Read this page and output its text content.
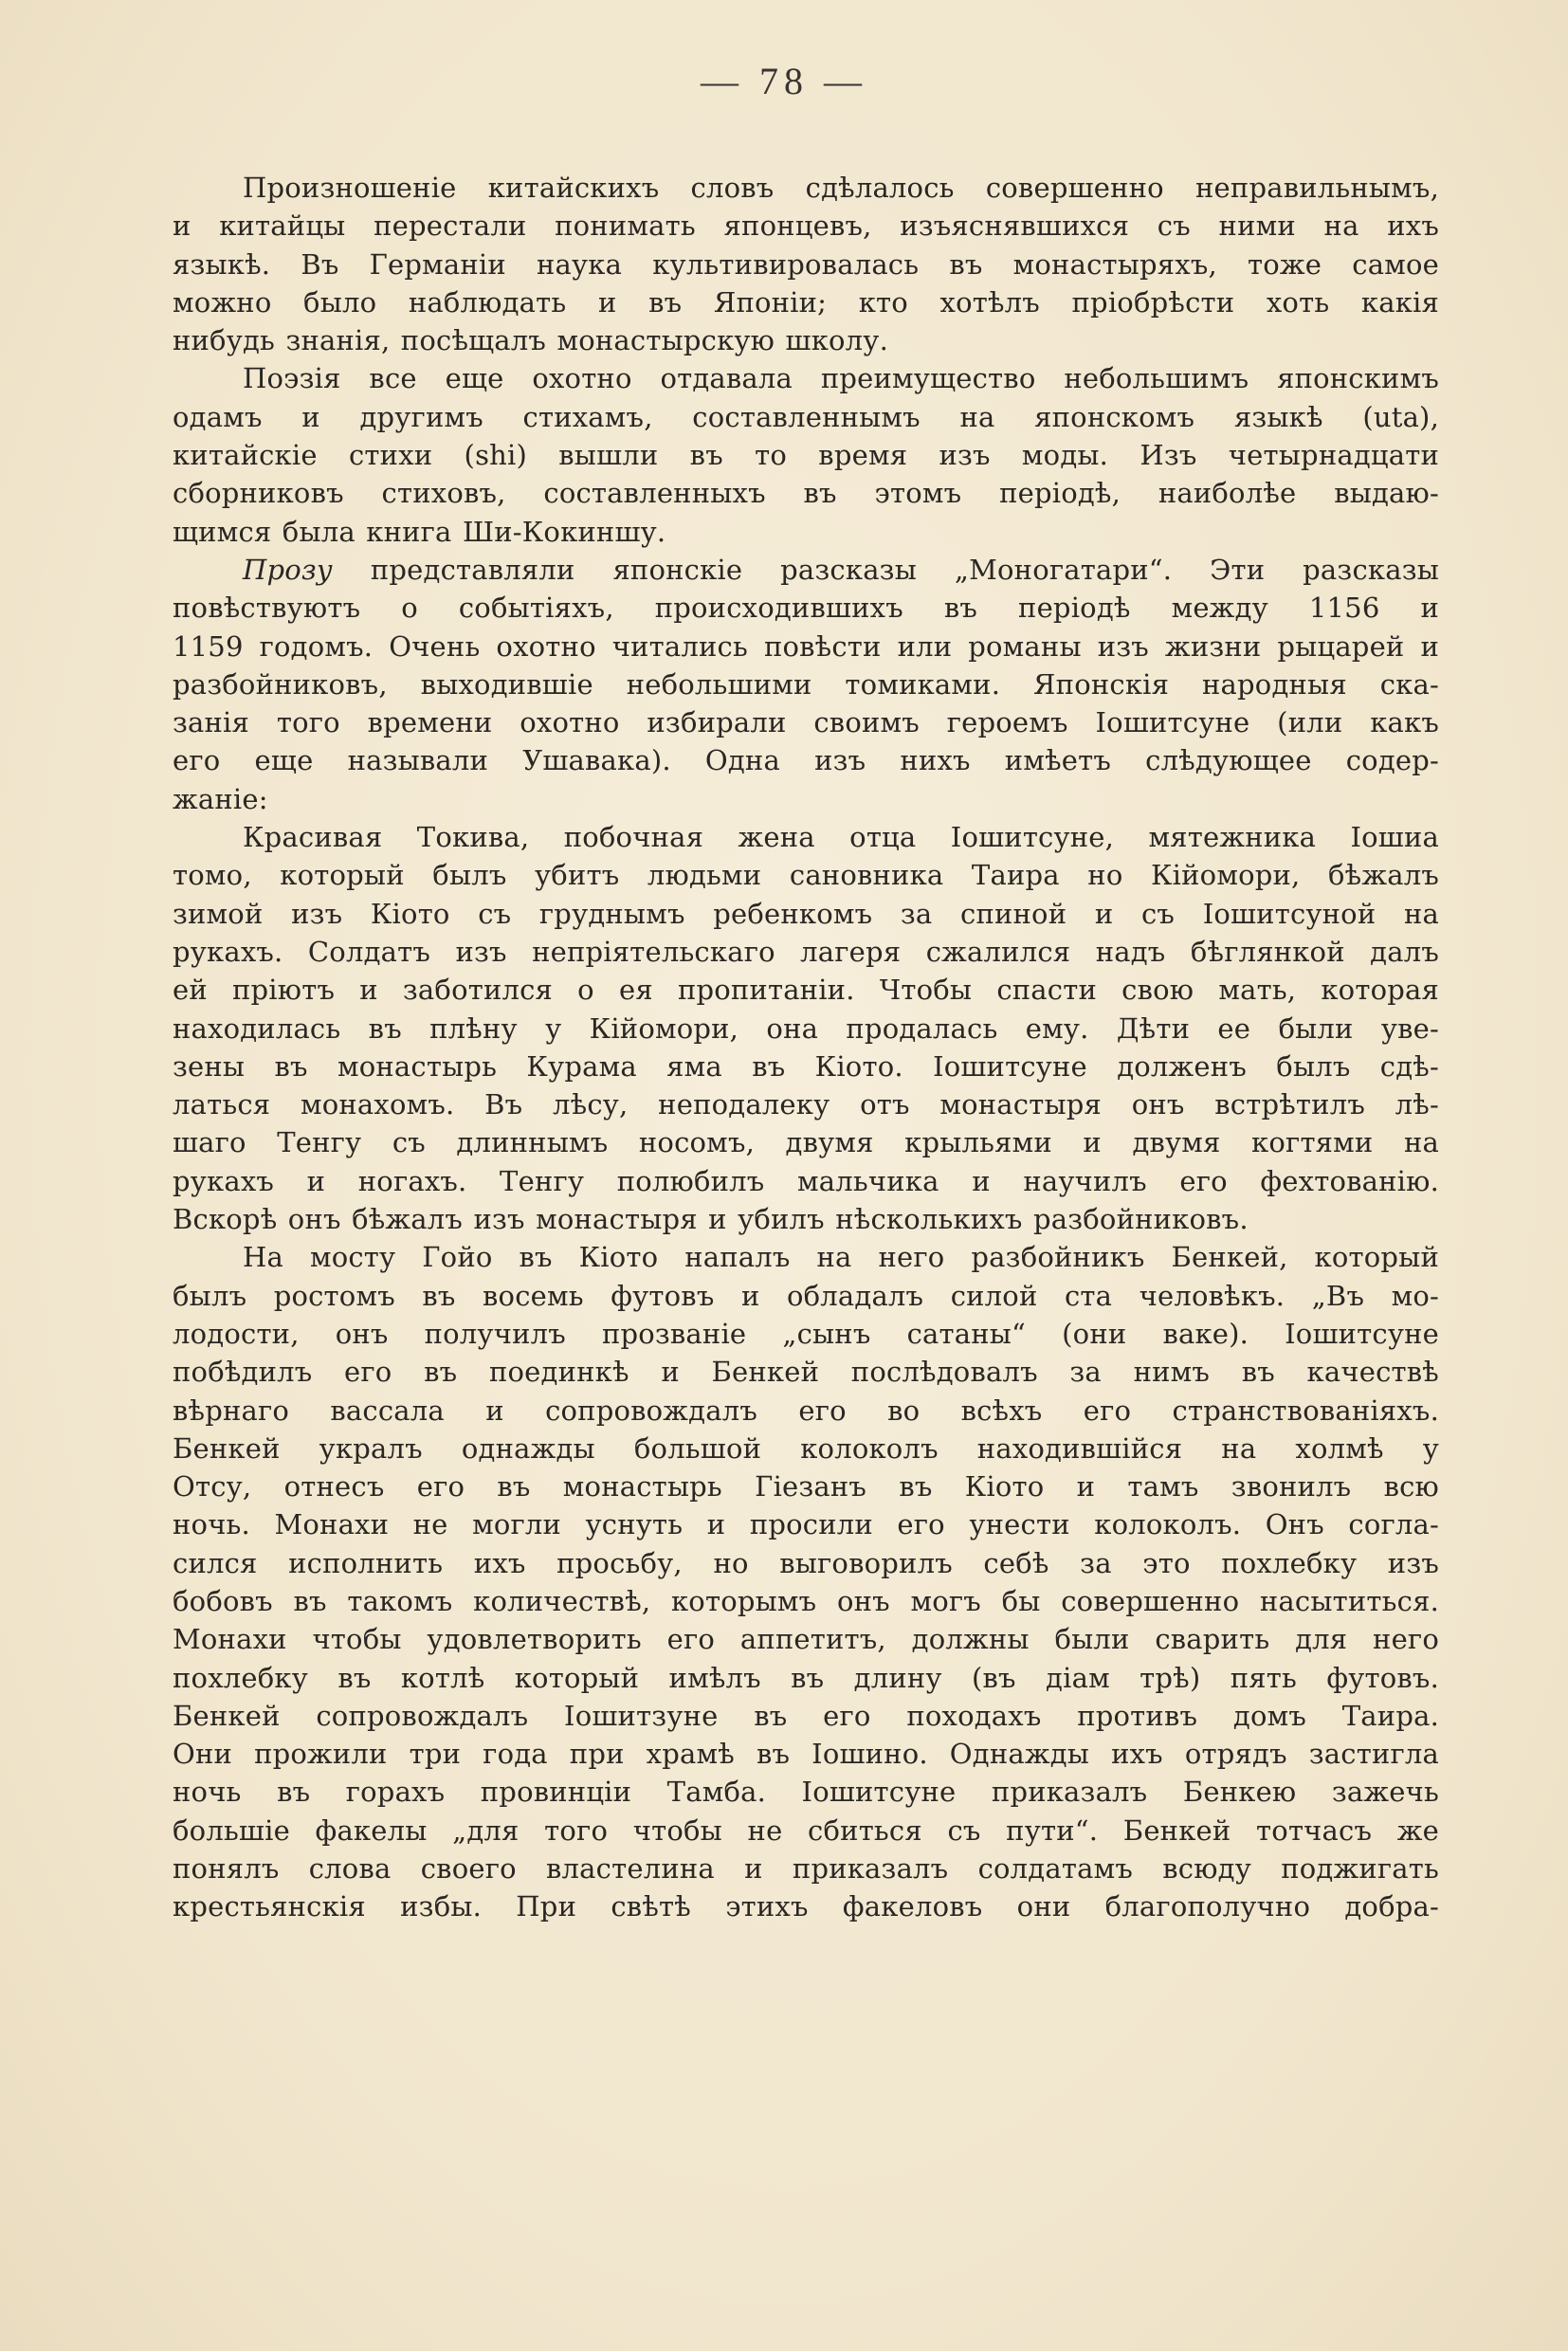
— 78 —
Произношеніе китайскихъ словъ сдѣлалось совершенно неправильнымъ,
и китайцы перестали понимать японцевъ, изъяснявшихся съ ними на ихъ
языкѣ. Въ Германіи наука культивировалась въ монастыряхъ, тоже самое
можно было наблюдать и въ Японіи; кто хотѣлъ пріобрѣсти хоть какія
нибудь знанія, посѣщалъ монастырскую школу.
Поэзія все еще охотно отдавала преимущество небольшимъ японскимъ
одамъ и другимъ стихамъ, составленнымъ на японскомъ языкѣ (uta),
китайскіе стихи (shi) вышли въ то время изъ моды. Изъ четырнадцати
сборниковъ стиховъ, составленныхъ въ этомъ періодѣ, наиболѣе выдаю-
щимся была книга Ши-Кокиншу.
Прозу представляли японскіе разсказы „Моногатари“. Эти разсказы
повѣствуютъ о событіяхъ, происходившихъ въ періодѣ между 1156 и
1159 годомъ. Очень охотно читались повѣсти или романы изъ жизни рыцарей и
разбойниковъ, выходившіе небольшими томиками. Японскія народныя ска-
занія того времени охотно избирали своимъ героемъ Іошитсуне (или какъ
его еще называли Ушавака). Одна изъ нихъ имѣетъ слѣдующее содер-
жаніе:
Красивая Токива, побочная жена отца Іошитсуне, мятежника Іошиа
томо, который былъ убитъ людьми сановника Таира но Кійомори, бѣжалъ
зимой изъ Кіото съ груднымъ ребенкомъ за спиной и съ Іошитсуной на
рукахъ. Солдатъ изъ непріятельскаго лагеря сжалился надъ бѣглянкой далъ
ей пріютъ и заботился о ея пропитаніи. Чтобы спасти свою мать, которая
находилась въ плѣну у Кійомори, она продалась ему. Дѣти ее были уве-
зены въ монастырь Курама яма въ Кіото. Іошитсуне долженъ былъ сдѣ-
латься монахомъ. Въ лѣсу, неподалеку отъ монастыря онъ встрѣтилъ лѣ-
шаго Тенгу съ длиннымъ носомъ, двумя крыльями и двумя когтями на
рукахъ и ногахъ. Тенгу полюбилъ мальчика и научилъ его фехтованію.
Вскорѣ онъ бѣжалъ изъ монастыря и убилъ нѣсколькихъ разбойниковъ.
На мосту Гойо въ Кіото напалъ на него разбойникъ Бенкей, который
былъ ростомъ въ восемь футовъ и обладалъ силой ста человѣкъ. „Въ мо-
лодости, онъ получилъ прозваніе „сынъ сатаны“ (они ваке). Іошитсуне
побѣдилъ его въ поединкѣ и Бенкей послѣдовалъ за нимъ въ качествѣ
вѣрнаго вассала и сопровождалъ его во всѣхъ его странствованіяхъ.
Бенкей укралъ однажды большой колоколъ находившійся на холмѣ у
Отсу, отнесъ его въ монастырь Гіезанъ въ Кіото и тамъ звонилъ всю
ночь. Монахи не могли уснуть и просили его унести колоколъ. Онъ согла-
сился исполнить ихъ просьбу, но выговорилъ себѣ за это похлебку изъ
бобовъ въ такомъ количествѣ, которымъ онъ могъ бы совершенно насытиться.
Монахи чтобы удовлетворить его аппетитъ, должны были сварить для него
похлебку въ котлѣ который имѣлъ въ длину (въ діам трѣ) пять футовъ.
Бенкей сопровождалъ Іошитзуне въ его походахъ противъ домъ Таира.
Они прожили три года при храмѣ въ Іошино. Однажды ихъ отрядъ застигла
ночь въ горахъ провинціи Тамба. Іошитсуне приказалъ Бенкею зажечь
большіе факелы „для того чтобы не сбиться съ пути“. Бенкей тотчасъ же
понялъ слова своего властелина и приказалъ солдатамъ всюду поджигать
крестьянскія избы. При свѣтѣ этихъ факеловъ они благополучно добра-
